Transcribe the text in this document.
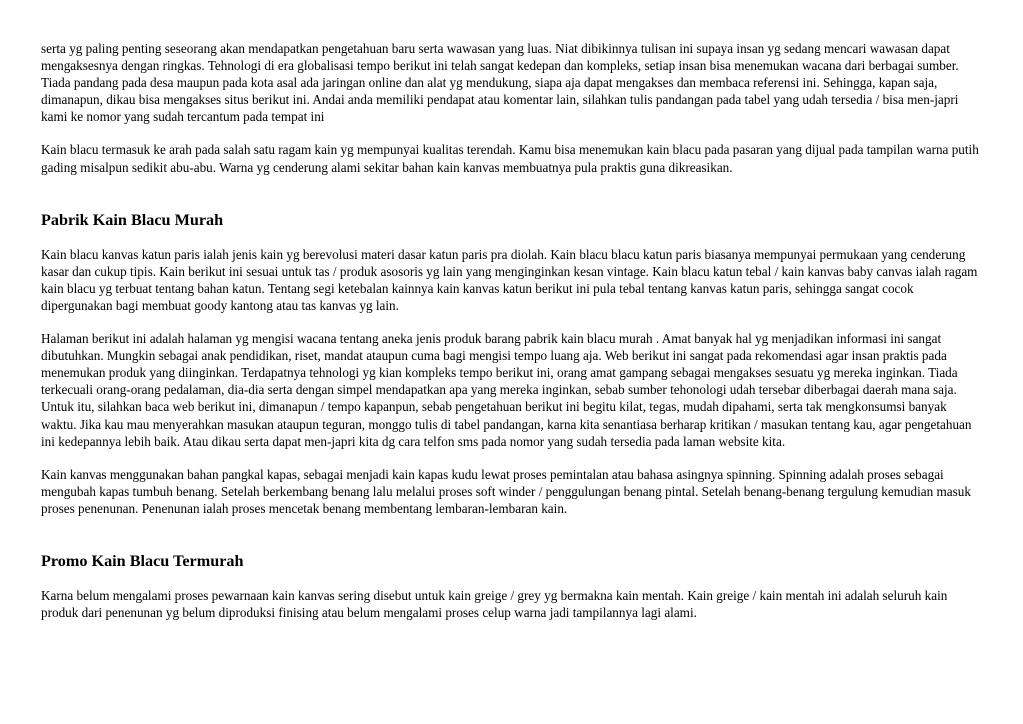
serta yg paling penting seseorang akan mendapatkan pengetahuan baru serta wawasan yang luas. Niat dibikinnya tulisan ini supaya insan yg sedang mencari wawasan dapat mengaksesnya dengan ringkas. Tehnologi di era globalisasi tempo berikut ini telah sangat kedepan dan kompleks, setiap insan bisa menemukan wacana dari berbagai sumber. Tiada pandang pada desa maupun pada kota asal ada jaringan online dan alat yg mendukung, siapa aja dapat mengakses dan membaca referensi ini. Sehingga, kapan saja, dimanapun, dikau bisa mengakses situs berikut ini. Andai anda memiliki pendapat atau komentar lain, silahkan tulis pandangan pada tabel yang udah tersedia / bisa men-japri kami ke nomor yang sudah tercantum pada tempat ini

Kain blacu termasuk ke arah pada salah satu ragam kain yg mempunyai kualitas terendah. Kamu bisa menemukan kain blacu pada pasaran yang dijual pada tampilan warna putih gading misalpun sedikit abu-abu. Warna yg cenderung alami sekitar bahan kain kanvas membuatnya pula praktis guna dikreasikan.

Pabrik Kain Blacu Murah

Kain blacu kanvas katun paris ialah jenis kain yg berevolusi materi dasar katun paris pra diolah. Kain blacu blacu katun paris biasanya mempunyai permukaan yang cenderung kasar dan cukup tipis. Kain berikut ini sesuai untuk tas / produk asosoris yg lain yang menginginkan kesan vintage. Kain blacu katun tebal / kain kanvas baby canvas ialah ragam kain blacu yg terbuat tentang bahan katun. Tentang segi ketebalan kainnya kain kanvas katun berikut ini pula tebal tentang kanvas katun paris, sehingga sangat cocok dipergunakan bagi membuat goody kantong atau tas kanvas yg lain.

Halaman berikut ini adalah halaman yg mengisi wacana tentang aneka jenis produk barang pabrik kain blacu murah . Amat banyak hal yg menjadikan informasi ini sangat dibutuhkan. Mungkin sebagai anak pendidikan, riset, mandat ataupun cuma bagi mengisi tempo luang aja. Web berikut ini sangat pada rekomendasi agar insan praktis pada menemukan produk yang diinginkan. Terdapatnya tehnologi yg kian kompleks tempo berikut ini, orang amat gampang sebagai mengakses sesuatu yg mereka inginkan. Tiada terkecuali orang-orang pedalaman, dia-dia serta dengan simpel mendapatkan apa yang mereka inginkan, sebab sumber tehonologi udah tersebar diberbagai daerah mana saja. Untuk itu, silahkan baca web berikut ini, dimanapun / tempo kapanpun, sebab pengetahuan berikut ini begitu kilat, tegas, mudah dipahami, serta tak mengkonsumsi banyak waktu. Jika kau mau menyerahkan masukan ataupun teguran, monggo tulis di tabel pandangan, karna kita senantiasa berharap kritikan / masukan tentang kau, agar pengetahuan ini kedepannya lebih baik. Atau dikau serta dapat men-japri kita dg cara telfon sms pada nomor yang sudah tersedia pada laman website kita.

Kain kanvas menggunakan bahan pangkal kapas, sebagai menjadi kain kapas kudu lewat proses pemintalan atau bahasa asingnya spinning. Spinning adalah proses sebagai mengubah kapas tumbuh benang. Setelah berkembang benang lalu melalui proses soft winder / penggulungan benang pintal. Setelah benang-benang tergulung kemudian masuk proses penenunan. Penenunan ialah proses mencetak benang membentang lembaran-lembaran kain.

Promo Kain Blacu Termurah

Karna belum mengalami proses pewarnaan kain kanvas sering disebut untuk kain greige / grey yg bermakna kain mentah. Kain greige / kain mentah ini adalah seluruh kain produk dari penenunan yg belum diproduksi finising atau belum mengalami proses celup warna jadi tampilannya lagi alami.
